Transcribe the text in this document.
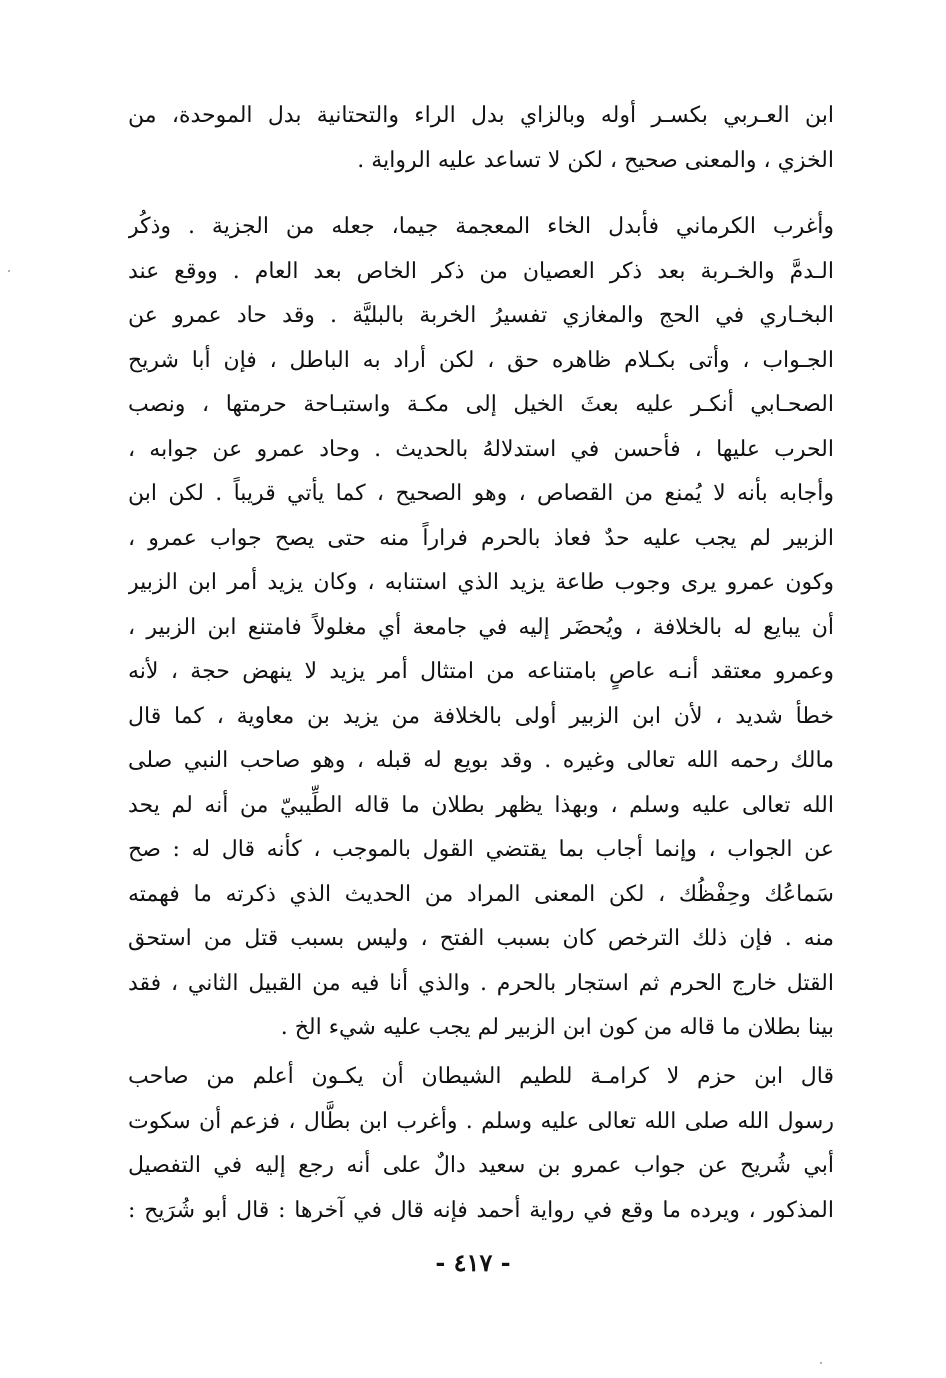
ابن العـربي بكسـر أوله وبالزاي بدل الراء والتحتانية بدل الموحدة، من
الخزي ، والمعنى صحيح ، لكن لا تساعد عليه الرواية .
وأغرب الكرماني فأبدل الخاء المعجمة جيما، جعله من الجزية . وذكُر
الـدمَّ والخـربة بعد ذكر العصيان من ذكر الخاص بعد العام . ووقع عند
البخـاري في الحج والمغازي تفسيرُ الخربة بالبليَّة . وقد حاد عمرو عن
الجـواب ، وأتى بكـلام ظاهره حق ، لكن أراد به الباطل ، فإن أبا شريح
الصحـابي أنكـر عليه بعثَ الخيل إلى مكـة واستبـاحة حرمتها ، ونصب
الحرب عليها ، فأحسن في استدلالهُ بالحديث . وحاد عمرو عن جوابه ،
وأجابه بأنه لا يُمنع من القصاص ، وهو الصحيح ، كما يأتي قريباً . لكن ابن
الزبير لم يجب عليه حدٌ فعاذ بالحرم فراراً منه حتى يصح جواب عمرو ،
وكون عمرو يرى وجوب طاعة يزيد الذي استنابه ، وكان يزيد أمر ابن الزبير
أن يبايع له بالخلافة ، ويُحضَر إليه في جامعة أي مغلولاً فامتنع ابن الزبير ،
وعمرو معتقد أنـه عاصٍ بامتناعه من امتثال أمر يزيد لا ينهض حجة ، لأنه
خطأ شديد ، لأن ابن الزبير أولى بالخلافة من يزيد بن معاوية ، كما قال
مالك رحمه الله تعالى وغيره . وقد بويع له قبله ، وهو صاحب النبي صلى
الله تعالى عليه وسلم ، وبهذا يظهر بطلان ما قاله الطِّيبيّ من أنه لم يحد
عن الجواب ، وإنما أجاب بما يقتضي القول بالموجب ، كأنه قال له : صح
سَماعُك وحِفْظُك ، لكن المعنى المراد من الحديث الذي ذكرته ما فهمته
منه . فإن ذلك الترخص كان بسبب الفتح ، وليس بسبب قتل من استحق
القتل خارج الحرم ثم استجار بالحرم . والذي أنا فيه من القبيل الثاني ، فقد
بينا بطلان ما قاله من كون ابن الزبير لم يجب عليه شيء الخ .
قال ابن حزم لا كرامـة للطيم الشيطان أن يكـون أعلم من صاحب
رسول الله صلى الله تعالى عليه وسلم . وأغرب ابن بطَّال ، فزعم أن سكوت
أبي شُريح عن جواب عمرو بن سعيد دالٌ على أنه رجع إليه في التفصيل
المذكور ، ويرده ما وقع في رواية أحمد فإنه قال في آخرها : قال أبو شُرَيح :
- ٤١٧ -
